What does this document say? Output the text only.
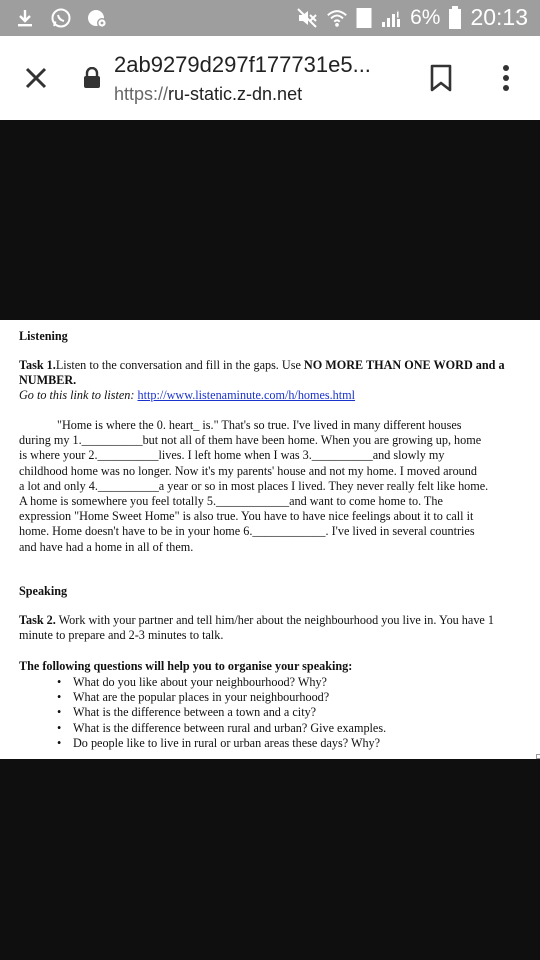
1 6% 20:13
2ab9279d297f177731e5...
https://ru-static.z-dn.net
Listening
Task 1.Listen to the conversation and fill in the gaps. Use NO MORE THAN ONE WORD and a NUMBER.
Go to this link to listen: http://www.listenaminute.com/h/homes.html
"Home is where the 0. heart_ is." That's so true. I've lived in many different houses
during my 1.__________but not all of them have been home. When you are growing up, home
is where your 2.__________lives. I left home when I was 3.__________and slowly my
childhood home was no longer. Now it's my parents' house and not my home. I moved around
a lot and only 4.__________a year or so in most places I lived. They never really felt like home.
A home is somewhere you feel totally 5.____________and want to come home to. The
expression "Home Sweet Home" is also true. You have to have nice feelings about it to call it
home. Home doesn't have to be in your home 6.____________. I've lived in several countries
and have had a home in all of them.
Speaking
Task 2. Work with your partner and tell him/her about the neighbourhood you live in. You have 1 minute to prepare and 2-3 minutes to talk.
The following questions will help you to organise your speaking:
• What do you like about your neighbourhood? Why?
• What are the popular places in your neighbourhood?
• What is the difference between a town and a city?
• What is the difference between rural and urban? Give examples.
• Do people like to live in rural or urban areas these days? Why?
